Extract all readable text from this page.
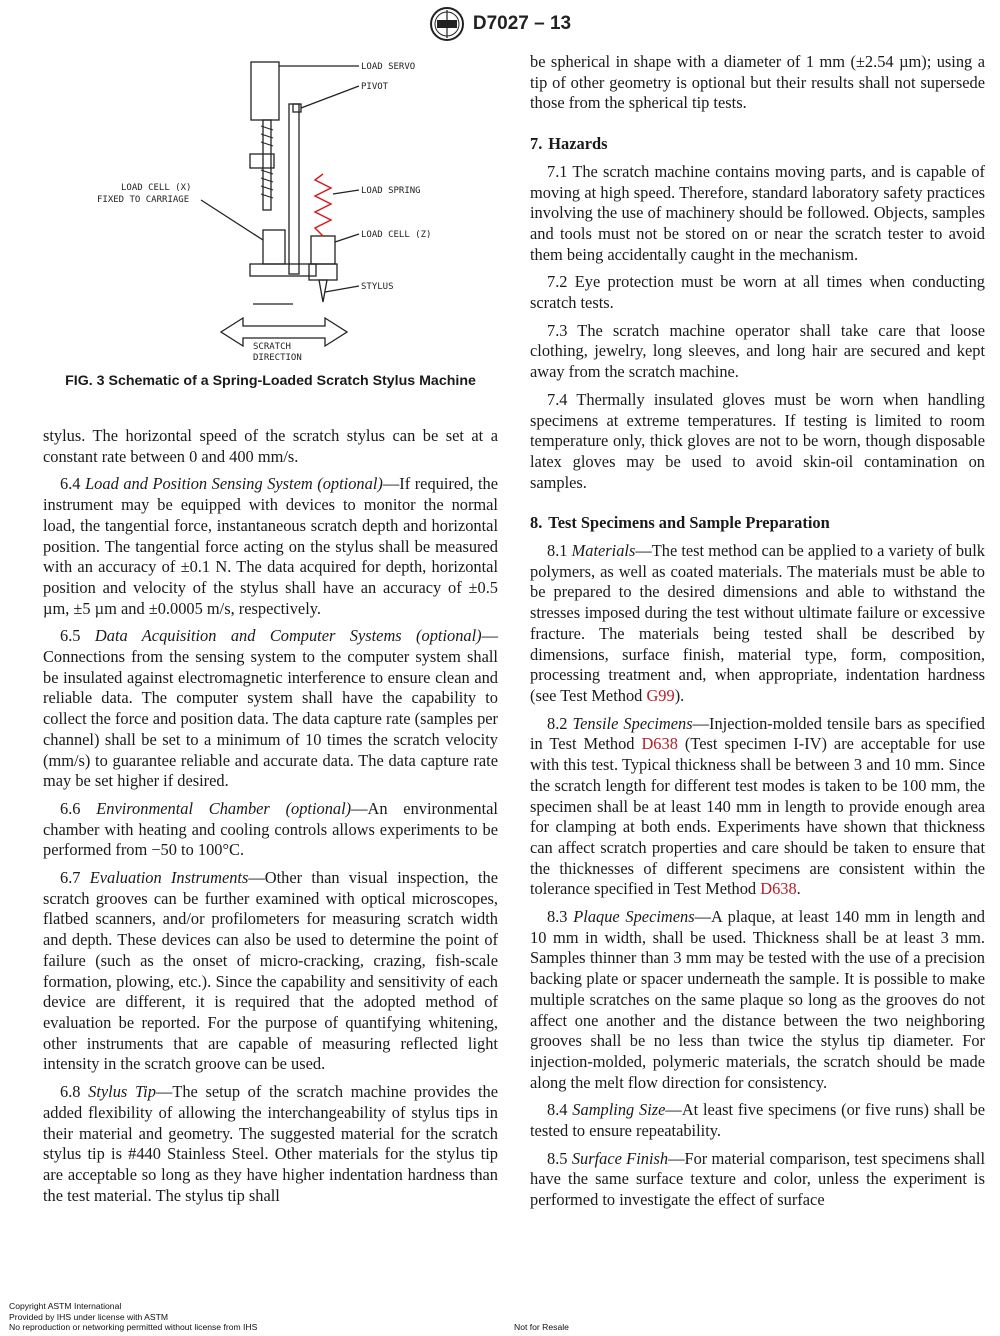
D7027 – 13
LOAD SERVO
PIVOT
LOAD CELL (X)
FIXED TO CARRIAGE
LOAD SPRING
LOAD CELL (Z)
STYLUS
SCRATCH
DIRECTION
FIG. 3 Schematic of a Spring-Loaded Scratch Stylus Machine

stylus. The horizontal speed of the scratch stylus can be set at a constant rate between 0 and 400 mm/s.

6.4 Load and Position Sensing System (optional)—If required, the instrument may be equipped with devices to monitor the normal load, the tangential force, instantaneous scratch depth and horizontal position. The tangential force acting on the stylus shall be measured with an accuracy of ±0.1 N. The data acquired for depth, horizontal position and velocity of the stylus shall have an accuracy of ±0.5 µm, ±5 µm and ±0.0005 m/s, respectively.

6.5 Data Acquisition and Computer Systems (optional)—Connections from the sensing system to the computer system shall be insulated against electromagnetic interference to ensure clean and reliable data. The computer system shall have the capability to collect the force and position data. The data capture rate (samples per channel) shall be set to a minimum of 10 times the scratch velocity (mm/s) to guarantee reliable and accurate data. The data capture rate may be set higher if desired.

6.6 Environmental Chamber (optional)—An environmental chamber with heating and cooling controls allows experiments to be performed from −50 to 100°C.

6.7 Evaluation Instruments—Other than visual inspection, the scratch grooves can be further examined with optical microscopes, flatbed scanners, and/or profilometers for measuring scratch width and depth. These devices can also be used to determine the point of failure (such as the onset of micro-cracking, crazing, fish-scale formation, plowing, etc.). Since the capability and sensitivity of each device are different, it is required that the adopted method of evaluation be reported. For the purpose of quantifying whitening, other instruments that are capable of measuring reflected light intensity in the scratch groove can be used.

6.8 Stylus Tip—The setup of the scratch machine provides the added flexibility of allowing the interchangeability of stylus tips in their material and geometry. The suggested material for the scratch stylus tip is #440 Stainless Steel. Other materials for the stylus tip are acceptable so long as they have higher indentation hardness than the test material. The stylus tip shall

be spherical in shape with a diameter of 1 mm (±2.54 µm); using a tip of other geometry is optional but their results shall not supersede those from the spherical tip tests.

7. Hazards

7.1 The scratch machine contains moving parts, and is capable of moving at high speed. Therefore, standard laboratory safety practices involving the use of machinery should be followed. Objects, samples and tools must not be stored on or near the scratch tester to avoid them being accidentally caught in the mechanism.

7.2 Eye protection must be worn at all times when conducting scratch tests.

7.3 The scratch machine operator shall take care that loose clothing, jewelry, long sleeves, and long hair are secured and kept away from the scratch machine.

7.4 Thermally insulated gloves must be worn when handling specimens at extreme temperatures. If testing is limited to room temperature only, thick gloves are not to be worn, though disposable latex gloves may be used to avoid skin-oil contamination on samples.

8. Test Specimens and Sample Preparation

8.1 Materials—The test method can be applied to a variety of bulk polymers, as well as coated materials. The materials must be able to be prepared to the desired dimensions and able to withstand the stresses imposed during the test without ultimate failure or excessive fracture. The materials being tested shall be described by dimensions, surface finish, material type, form, composition, processing treatment and, when appropriate, indentation hardness (see Test Method G99).

8.2 Tensile Specimens—Injection-molded tensile bars as specified in Test Method D638 (Test specimen I-IV) are acceptable for use with this test. Typical thickness shall be between 3 and 10 mm. Since the scratch length for different test modes is taken to be 100 mm, the specimen shall be at least 140 mm in length to provide enough area for clamping at both ends. Experiments have shown that thickness can affect scratch properties and care should be taken to ensure that the thicknesses of different specimens are consistent within the tolerance specified in Test Method D638.

8.3 Plaque Specimens—A plaque, at least 140 mm in length and 10 mm in width, shall be used. Thickness shall be at least 3 mm. Samples thinner than 3 mm may be tested with the use of a precision backing plate or spacer underneath the sample. It is possible to make multiple scratches on the same plaque so long as the grooves do not affect one another and the distance between the two neighboring grooves shall be no less than twice the stylus tip diameter. For injection-molded, polymeric materials, the scratch should be made along the melt flow direction for consistency.

8.4 Sampling Size—At least five specimens (or five runs) shall be tested to ensure repeatability.

8.5 Surface Finish—For material comparison, test specimens shall have the same surface texture and color, unless the experiment is performed to investigate the effect of surface

Copyright ASTM International
Provided by IHS under license with ASTM
No reproduction or networking permitted without license from IHS	Not for Resale
